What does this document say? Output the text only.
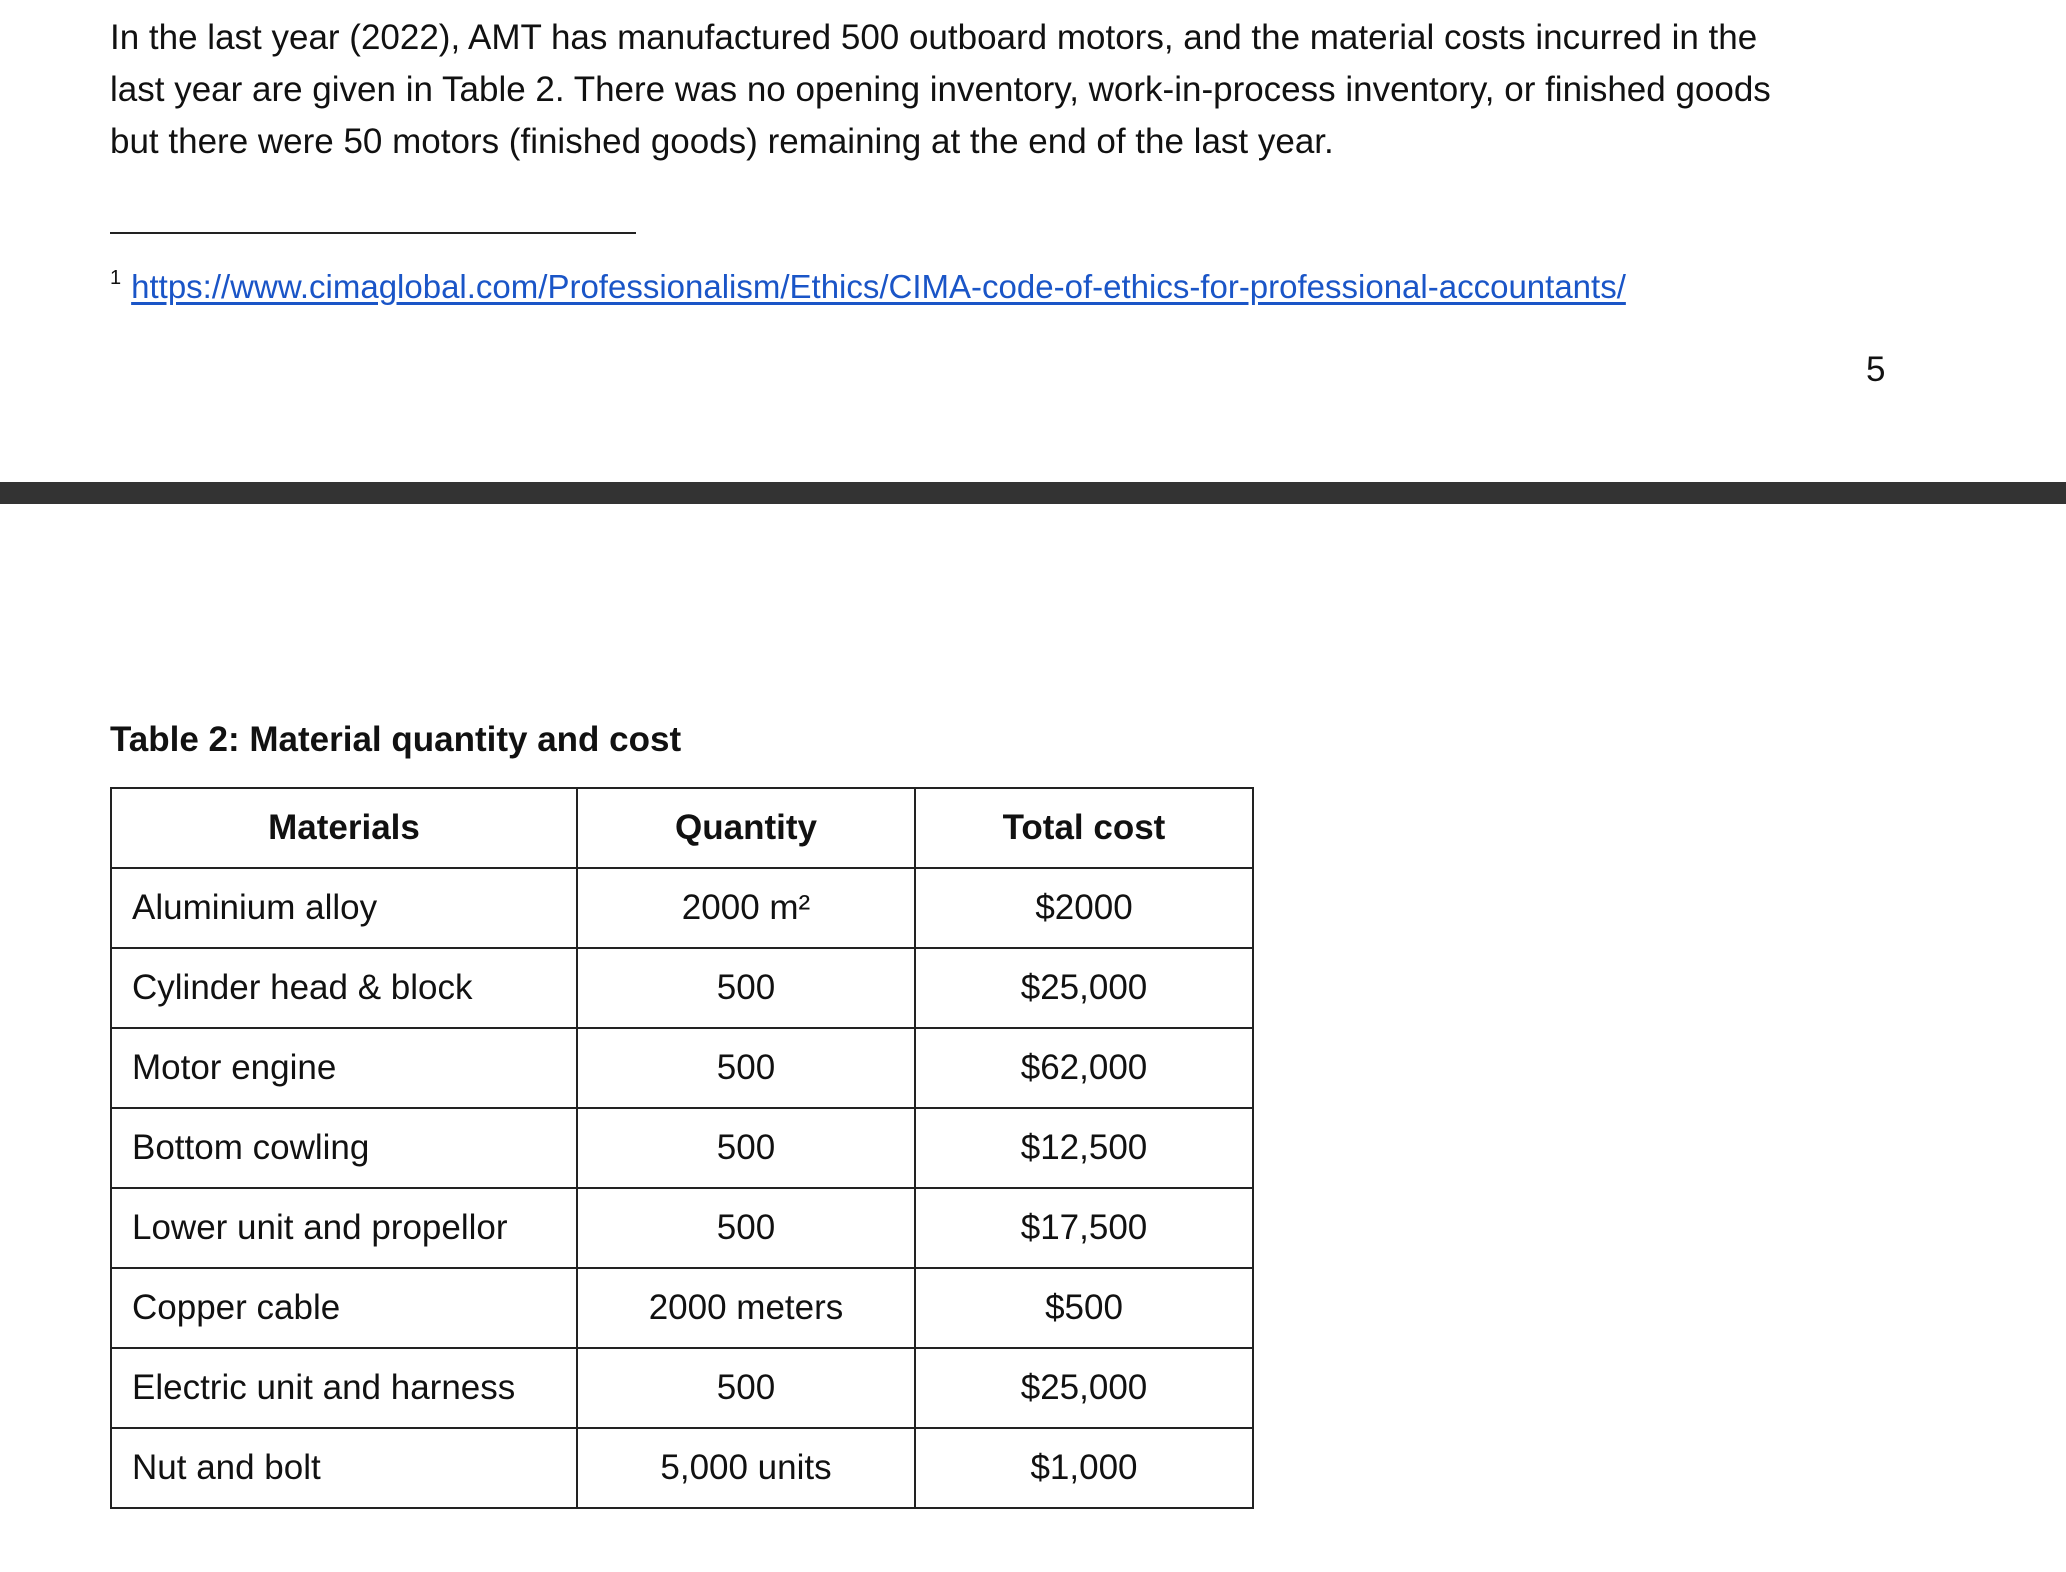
In the last year (2022), AMT has manufactured 500 outboard motors, and the material costs incurred in the
last year are given in Table 2. There was no opening inventory, work-in-process inventory, or finished goods
but there were 50 motors (finished goods) remaining at the end of the last year.

$^1$ https://www.cimaglobal.com/Professionalism/Ethics/CIMA-code-of-ethics-for-professional-accountants/
5
Table 2: Material quantity and cost
Materials	Quantity	Total cost
Aluminium alloy	2000 m²	$2000
Cylinder head & block	500	$25,000
Motor engine	500	$62,000
Bottom cowling	500	$12,500
Lower unit and propellor	500	$17,500
Copper cable	2000 meters	$500
Electric unit and harness	500	$25,000
Nut and bolt	5,000 units	$1,000
